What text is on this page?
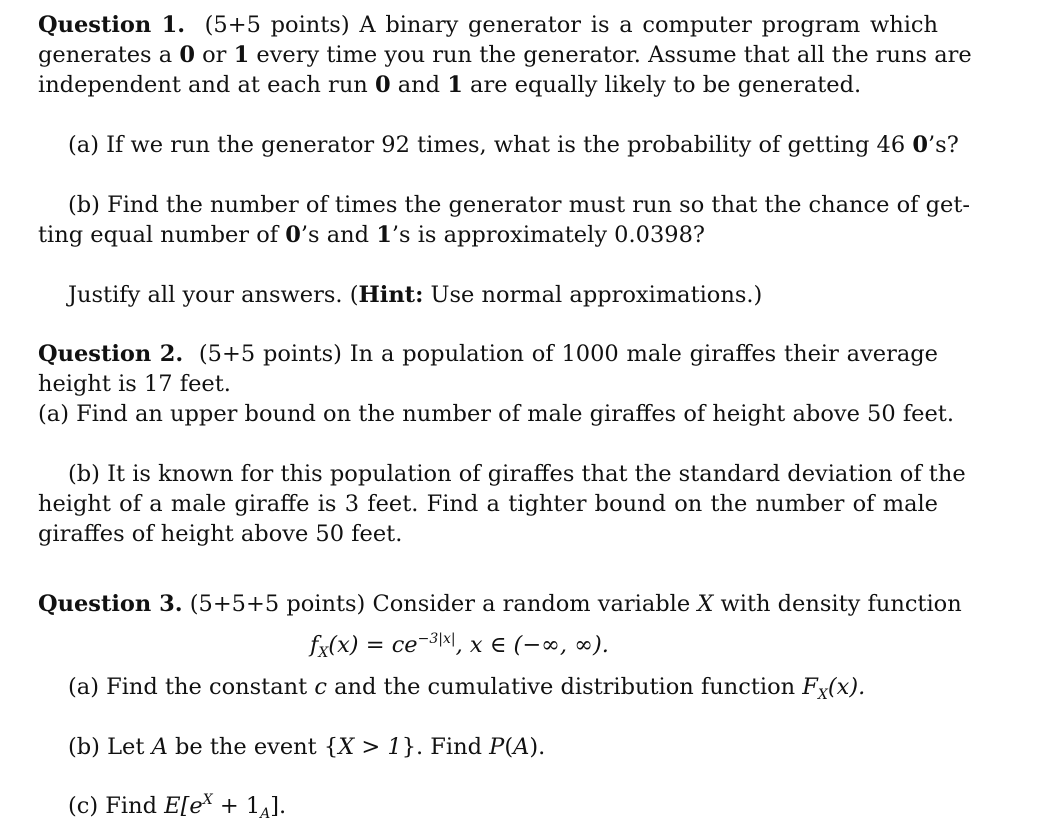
Question 1. (5+5 points) A binary generator is a computer program which
generates a 0 or 1 every time you run the generator. Assume that all the runs are
independent and at each run 0 and 1 are equally likely to be generated.
(a) If we run the generator 92 times, what is the probability of getting 46 0’s?
(b) Find the number of times the generator must run so that the chance of get-
ting equal number of 0’s and 1’s is approximately 0.0398?
Justify all your answers. (Hint: Use normal approximations.)
Question 2. (5+5 points) In a population of 1000 male giraffes their average
height is 17 feet.
(a) Find an upper bound on the number of male giraffes of height above 50 feet.
(b) It is known for this population of giraffes that the standard deviation of the
height of a male giraffe is 3 feet. Find a tighter bound on the number of male
giraffes of height above 50 feet.
Question 3. (5+5+5 points) Consider a random variable X with density function
$f_X(x) = ce^{-3|x|}$, x ∈ (−∞, ∞).
(a) Find the constant c and the cumulative distribution function $F_X(x)$.
(b) Let A be the event {X > 1}. Find P(A).
(c) Find $E[e^X + 1_A]$.
